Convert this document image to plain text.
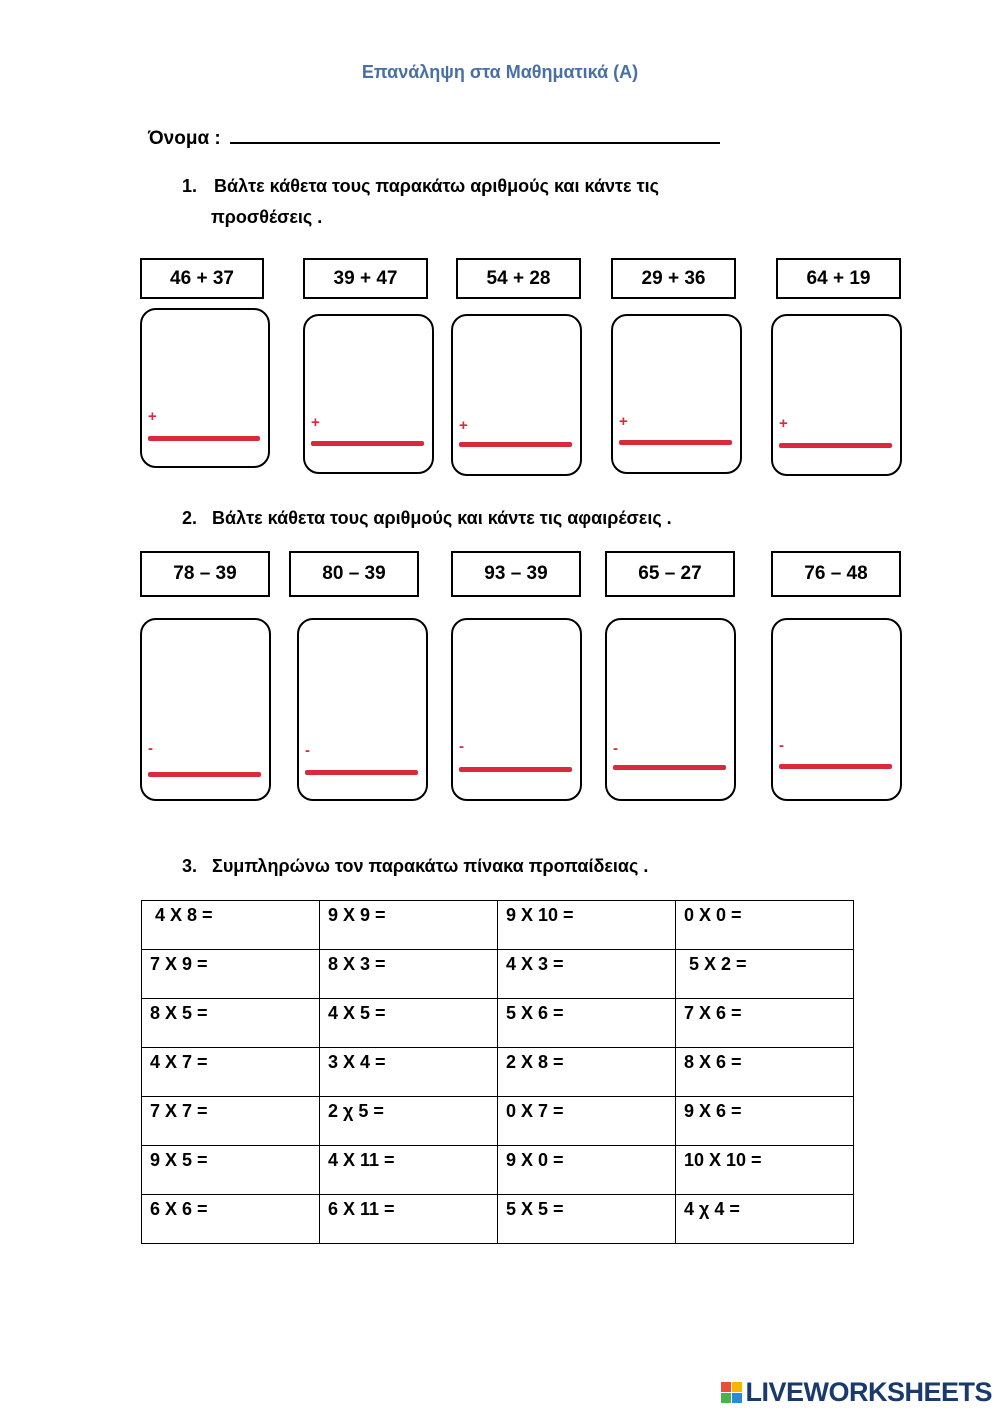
Επανάληψη στα Μαθηματικά (Α)
Όνομα :
1. Βάλτε κάθετα τους παρακάτω αριθμούς και κάντε τις
προσθέσεις .
46 + 37
+
39 + 47
+
54 + 28
+
29 + 36
+
64 + 19
+
2. Βάλτε κάθετα τους αριθμούς και κάντε τις αφαιρέσεις .
78 – 39
-
80 – 39
-
93 – 39
-
65 – 27
-
76 – 48
-
3. Συμπληρώνω τον παρακάτω πίνακα προπαίδειας .
4 X 8 =	9 X 9 =	9 X 10 =	0 X 0 =
7 X 9 =	8 X 3 =	4 X 3 =	5 X 2 =
8 X 5 =	4 X 5 =	5 X 6 =	7 X 6 =
4 X 7 =	3 X 4 =	2 X 8 =	8 X 6 =
7 X 7 =	2 χ 5 =	0 X 7 =	9 X 6 =
9 X 5 =	4 X 11 =	9 X 0 =	10 X 10 =
6 X 6 =	6 X 11 =	5 X 5 =	4 χ 4 =
LIVEWORKSHEETS
